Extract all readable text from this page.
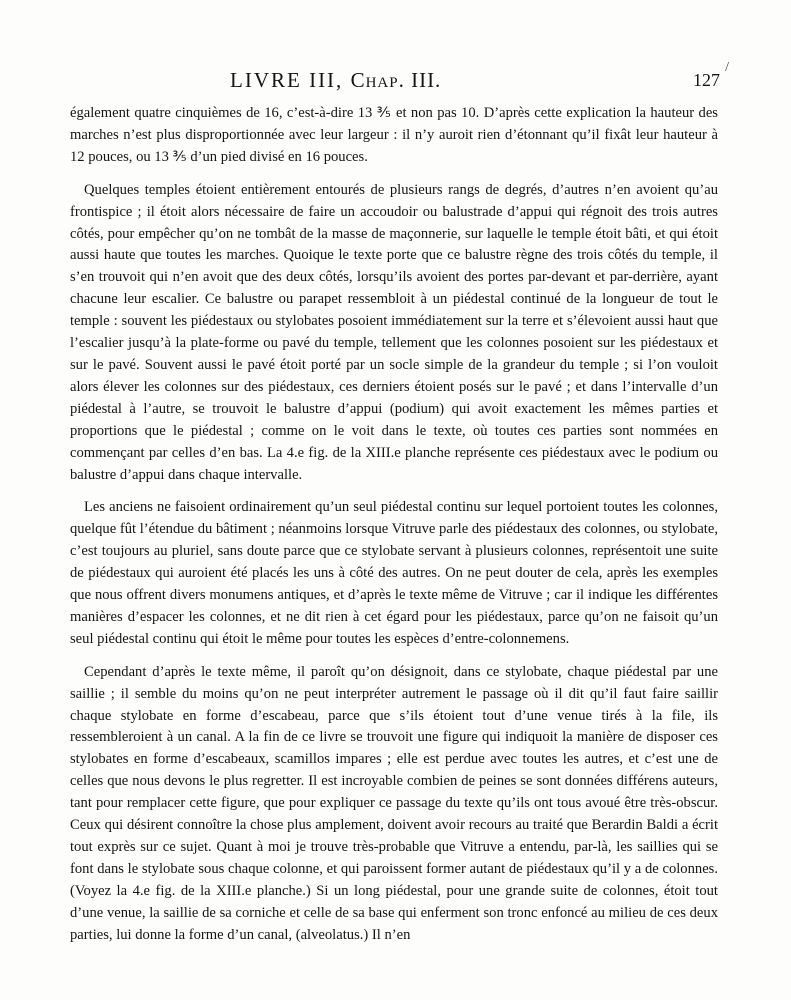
/
LIVRE III, Chap. III.	127

également quatre cinquièmes de 16, c’est-à-dire 13 ⅗ et non pas 10. D’après cette explication la hauteur des marches n’est plus disproportionnée avec leur largeur : il n’y auroit rien d’étonnant qu’il fixât leur hauteur à 12 pouces, ou 13 ⅗ d’un pied divisé en 16 pouces.

Quelques temples étoient entièrement entourés de plusieurs rangs de degrés, d’autres n’en avoient qu’au frontispice ; il étoit alors nécessaire de faire un accoudoir ou balustrade d’appui qui régnoit des trois autres côtés, pour empêcher qu’on ne tombât de la masse de maçonnerie, sur laquelle le temple étoit bâti, et qui étoit aussi haute que toutes les marches. Quoique le texte porte que ce balustre règne des trois côtés du temple, il s’en trouvoit qui n’en avoit que des deux côtés, lorsqu’ils avoient des portes par-devant et par-derrière, ayant chacune leur escalier. Ce balustre ou parapet ressembloit à un piédestal continué de la longueur de tout le temple : souvent les piédestaux ou stylobates posoient immédiatement sur la terre et s’élevoient aussi haut que l’escalier jusqu’à la plate-forme ou pavé du temple, tellement que les colonnes posoient sur les piédestaux et sur le pavé. Souvent aussi le pavé étoit porté par un socle simple de la grandeur du temple ; si l’on vouloit alors élever les colonnes sur des piédestaux, ces derniers étoient posés sur le pavé ; et dans l’intervalle d’un piédestal à l’autre, se trouvoit le balustre d’appui (podium) qui avoit exactement les mêmes parties et proportions que le piédestal ; comme on le voit dans le texte, où toutes ces parties sont nommées en commençant par celles d’en bas. La 4.e fig. de la XIII.e planche représente ces piédestaux avec le podium ou balustre d’appui dans chaque intervalle.

Les anciens ne faisoient ordinairement qu’un seul piédestal continu sur lequel portoient toutes les colonnes, quelque fût l’étendue du bâtiment ; néanmoins lorsque Vitruve parle des piédestaux des colonnes, ou stylobate, c’est toujours au pluriel, sans doute parce que ce stylobate servant à plusieurs colonnes, représentoit une suite de piédestaux qui auroient été placés les uns à côté des autres. On ne peut douter de cela, après les exemples que nous offrent divers monumens antiques, et d’après le texte même de Vitruve ; car il indique les différentes manières d’espacer les colonnes, et ne dit rien à cet égard pour les piédestaux, parce qu’on ne faisoit qu’un seul piédestal continu qui étoit le même pour toutes les espèces d’entre-colonnemens.

Cependant d’après le texte même, il paroît qu’on désignoit, dans ce stylobate, chaque piédestal par une saillie ; il semble du moins qu’on ne peut interpréter autrement le passage où il dit qu’il faut faire saillir chaque stylobate en forme d’escabeau, parce que s’ils étoient tout d’une venue tirés à la file, ils ressembleroient à un canal. A la fin de ce livre se trouvoit une figure qui indiquoit la manière de disposer ces stylobates en forme d’escabeaux, scamillos impares ; elle est perdue avec toutes les autres, et c’est une de celles que nous devons le plus regretter. Il est incroyable combien de peines se sont données différens auteurs, tant pour remplacer cette figure, que pour expliquer ce passage du texte qu’ils ont tous avoué être très-obscur. Ceux qui désirent connoître la chose plus amplement, doivent avoir recours au traité que Berardin Baldi a écrit tout exprès sur ce sujet. Quant à moi je trouve très-probable que Vitruve a entendu, par-là, les saillies qui se font dans le stylobate sous chaque colonne, et qui paroissent former autant de piédestaux qu’il y a de colonnes. (Voyez la 4.e fig. de la XIII.e planche.) Si un long piédestal, pour une grande suite de colonnes, étoit tout d’une venue, la saillie de sa corniche et celle de sa base qui enferment son tronc enfoncé au milieu de ces deux parties, lui donne la forme d’un canal, (alveolatus.) Il n’en
